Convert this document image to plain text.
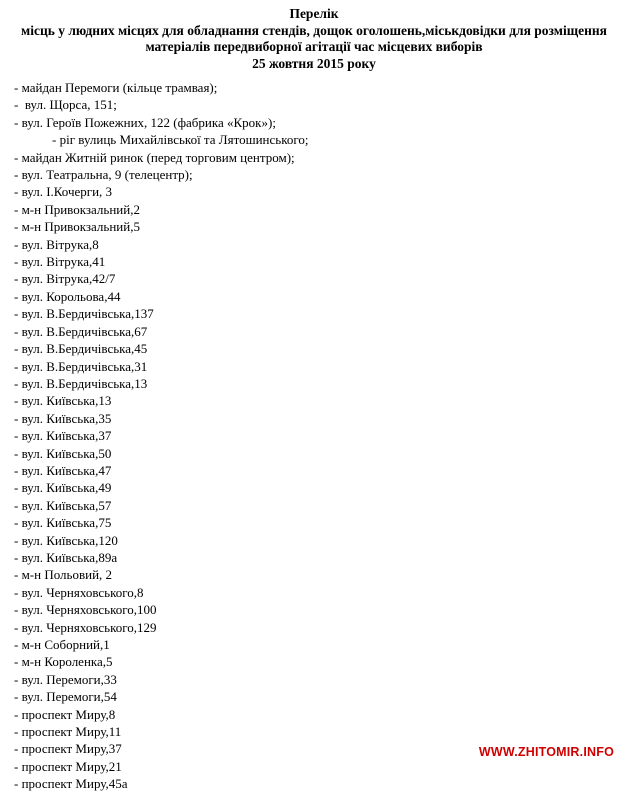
Перелік
місць у людних місцях для обладнання стендів, дощок оголошень,міськдовідки для розміщення матеріалів передвиборної агітації час місцевих виборів
25 жовтня 2015 року
- майдан Перемоги (кільце трамвая);
-  вул. Щорса, 151;
- вул. Героїв Пожежних, 122 (фабрика «Крок»);
- ріг вулиць Михайлівської та Лятошинського;
- майдан Житній ринок (перед торговим центром);
- вул. Театральна, 9 (телецентр);
- вул. І.Кочерги, 3
- м-н Привокзальний,2
- м-н Привокзальний,5
- вул. Вітрука,8
- вул. Вітрука,41
- вул. Вітрука,42/7
- вул. Корольова,44
- вул. В.Бердичівська,137
- вул. В.Бердичівська,67
- вул. В.Бердичівська,45
- вул. В.Бердичівська,31
- вул. В.Бердичівська,13
- вул. Київська,13
- вул. Київська,35
- вул. Київська,37
- вул. Київська,50
- вул. Київська,47
- вул. Київська,49
- вул. Київська,57
- вул. Київська,75
- вул. Київська,120
- вул. Київська,89а
- м-н Польовий, 2
- вул. Черняховського,8
- вул. Черняховського,100
- вул. Черняховського,129
- м-н Соборний,1
- м-н Короленка,5
- вул. Перемоги,33
- вул. Перемоги,54
- проспект Миру,8
- проспект Миру,11
- проспект Миру,37
- проспект Миру,21
- проспект Миру,45а
WWW.ZHITOMIR.INFO
